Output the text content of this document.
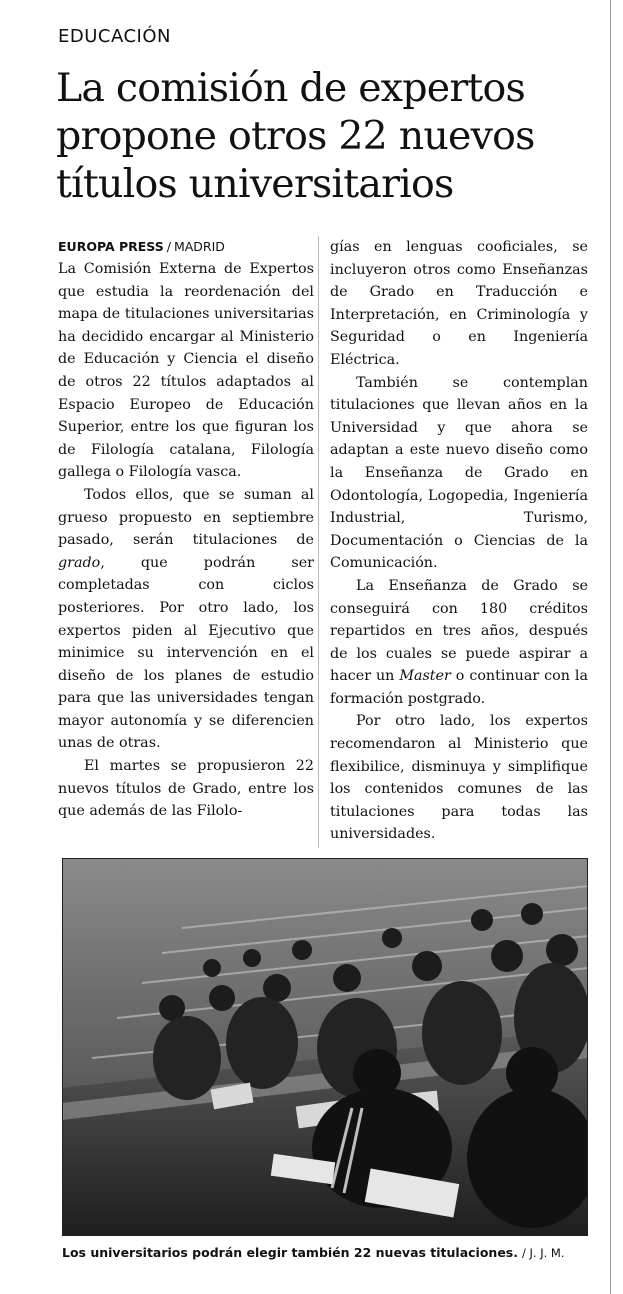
EDUCACIÓN
La comisión de expertos propone otros 22 nuevos títulos universitarios
EUROPA PRESS / MADRID

La Comisión Externa de Expertos que estudia la reordenación del mapa de titulaciones universitarias ha decidido encargar al Ministerio de Educación y Ciencia el diseño de otros 22 títulos adaptados al Espacio Europeo de Educación Superior, entre los que figuran los de Filología catalana, Filología gallega o Filología vasca.

Todos ellos, que se suman al grueso propuesto en septiembre pasado, serán titulaciones de grado, que podrán ser completadas con ciclos posteriores. Por otro lado, los expertos piden al Ejecutivo que minimice su intervención en el diseño de los planes de estudio para que las universidades tengan mayor autonomía y se diferencien unas de otras.

El martes se propusieron 22 nuevos títulos de Grado, entre los que además de las Filolo-

gías en lenguas cooficiales, se incluyeron otros como Enseñanzas de Grado en Traducción e Interpretación, en Criminología y Seguridad o en Ingeniería Eléctrica.

También se contemplan titulaciones que llevan años en la Universidad y que ahora se adaptan a este nuevo diseño como la Enseñanza de Grado en Odontología, Logopedia, Ingeniería Industrial, Turismo, Documentación o Ciencias de la Comunicación.

La Enseñanza de Grado se conseguirá con 180 créditos repartidos en tres años, después de los cuales se puede aspirar a hacer un Master o continuar con la formación postgrado.

Por otro lado, los expertos recomendaron al Ministerio que flexibilice, disminuya y simplifique los contenidos comunes de las titulaciones para todas las universidades.

Los universitarios podrán elegir también 22 nuevas titulaciones. / J. J. M.
